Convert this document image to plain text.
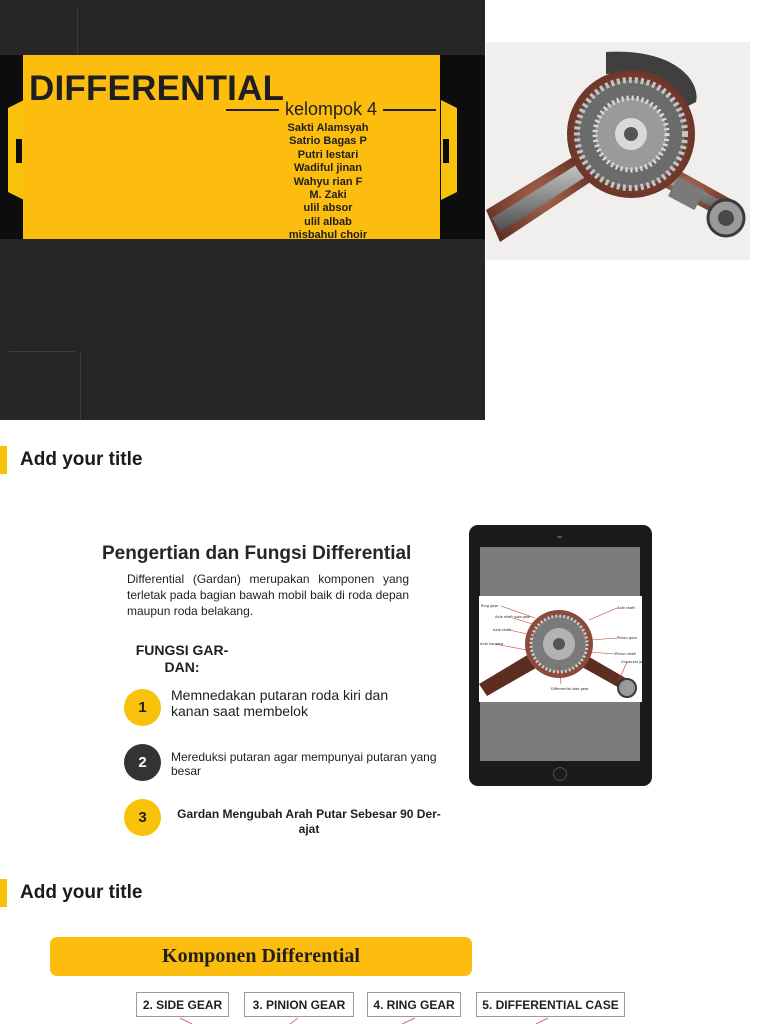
DIFFERENTIAL
kelompok 4
Sakti Alamsyah
Satrio Bagas P
Putri lestari
Wadiful jinan
Wahyu rian F
M. Zaki
ulil absor
ulil albab
misbahul choir
Add your title
Pengertian dan Fungsi Differential
Differential (Gardan) merupakan komponen yang terletak pada bagian bawah mobil baik di roda depan maupun roda belakang.
FUNGSI GAR-DAN:
1
Memnedakan putaran roda kiri dan kanan saat membelok
2 Mereduksi putaran agar mempunyai putaran yang besar
3	Gardan Mengubah Arah Putar Sebesar 90 Der-ajat
Ring gear	Axle shaft
Axle shaft side gear
Axle shaft
Axle housing
Pinion gear
Pinion shaft
Universal joint
Differential side gear
Add your title
Komponen Differential
2. SIDE GEAR	3. PINION GEAR	4. RING GEAR	5. DIFFERENTIAL CASE
